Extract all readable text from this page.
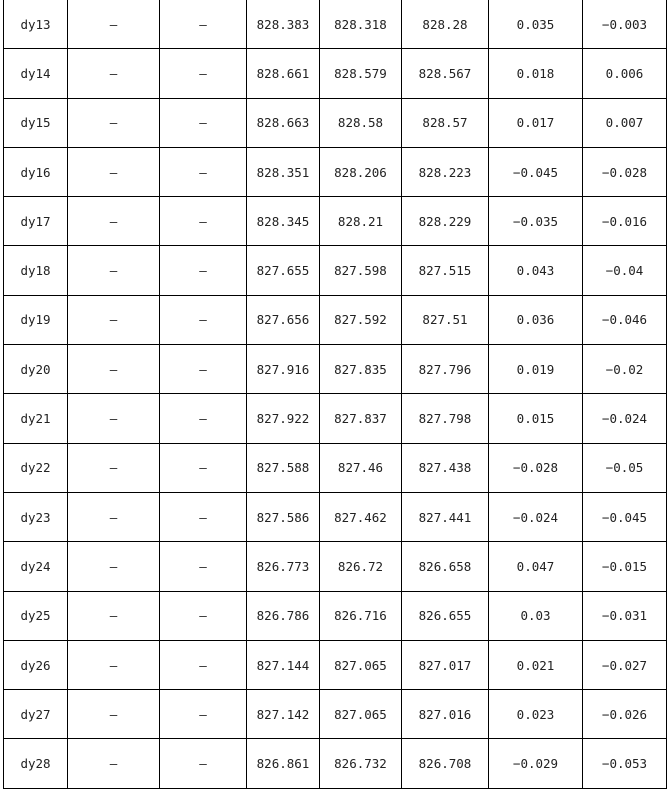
dy13	–	–	828.383	828.318	828.28	0.035	−0.003
dy14	–	–	828.661	828.579	828.567	0.018	0.006
dy15	–	–	828.663	828.58	828.57	0.017	0.007
dy16	–	–	828.351	828.206	828.223	−0.045	−0.028
dy17	–	–	828.345	828.21	828.229	−0.035	−0.016
dy18	–	–	827.655	827.598	827.515	0.043	−0.04
dy19	–	–	827.656	827.592	827.51	0.036	−0.046
dy20	–	–	827.916	827.835	827.796	0.019	−0.02
dy21	–	–	827.922	827.837	827.798	0.015	−0.024
dy22	–	–	827.588	827.46	827.438	−0.028	−0.05
dy23	–	–	827.586	827.462	827.441	−0.024	−0.045
dy24	–	–	826.773	826.72	826.658	0.047	−0.015
dy25	–	–	826.786	826.716	826.655	0.03	−0.031
dy26	–	–	827.144	827.065	827.017	0.021	−0.027
dy27	–	–	827.142	827.065	827.016	0.023	−0.026
dy28	–	–	826.861	826.732	826.708	−0.029	−0.053
